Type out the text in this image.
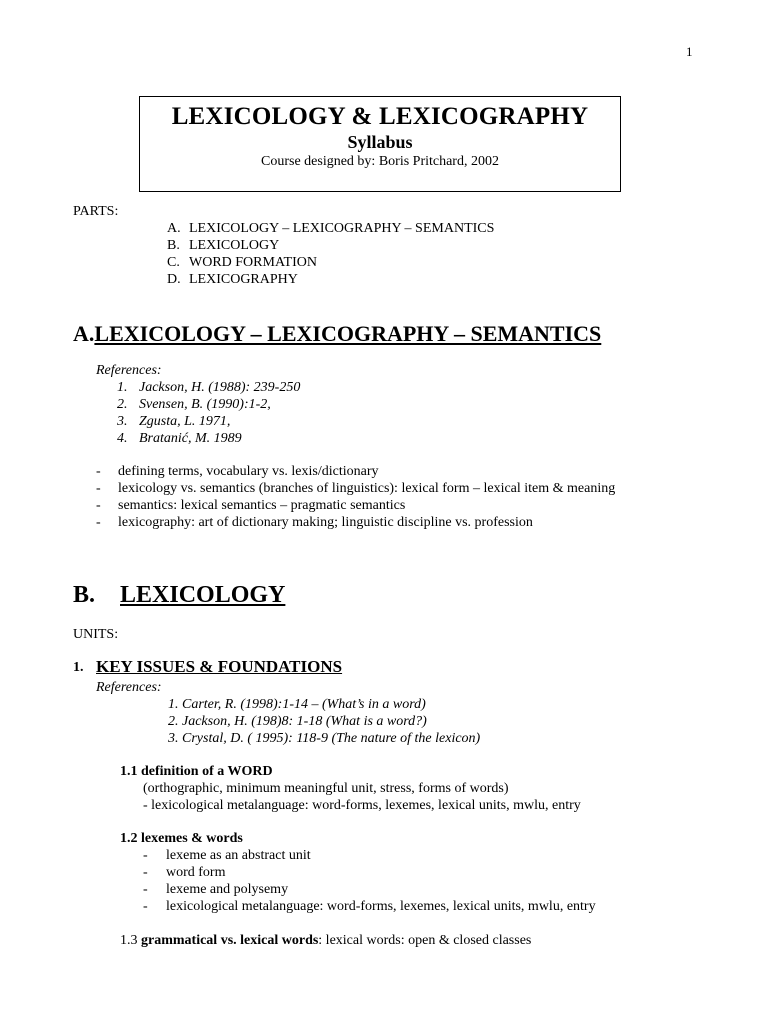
1
LEXICOLOGY & LEXICOGRAPHY
Syllabus
Course designed by: Boris Pritchard, 2002
PARTS:
A. LEXICOLOGY – LEXICOGRAPHY – SEMANTICS
B. LEXICOLOGY
C. WORD FORMATION
D. LEXICOGRAPHY
A.LEXICOLOGY – LEXICOGRAPHY – SEMANTICS
References:
1. Jackson, H. (1988): 239-250
2. Svensen, B. (1990):1-2,
3. Zgusta, L. 1971,
4. Bratanić, M. 1989
- defining terms, vocabulary vs. lexis/dictionary
- lexicology vs. semantics (branches of linguistics): lexical form – lexical item & meaning
- semantics: lexical semantics – pragmatic semantics
- lexicography: art of dictionary making; linguistic discipline vs. profession
B. LEXICOLOGY
UNITS:
1. KEY ISSUES & FOUNDATIONS
References:
1. Carter, R. (1998):1-14 – (What’s in a word)
2. Jackson, H. (198)8: 1-18 (What is a word?)
3. Crystal, D. ( 1995): 118-9 (The nature of the lexicon)
1.1 definition of a WORD
(orthographic, minimum meaningful unit, stress, forms of words)
- lexicological metalanguage: word-forms, lexemes, lexical units, mwlu, entry
1.2 lexemes & words
- lexeme as an abstract unit
- word form
- lexeme and polysemy
- lexicological metalanguage: word-forms, lexemes, lexical units, mwlu, entry
1.3 grammatical vs. lexical words: lexical words: open & closed classes
